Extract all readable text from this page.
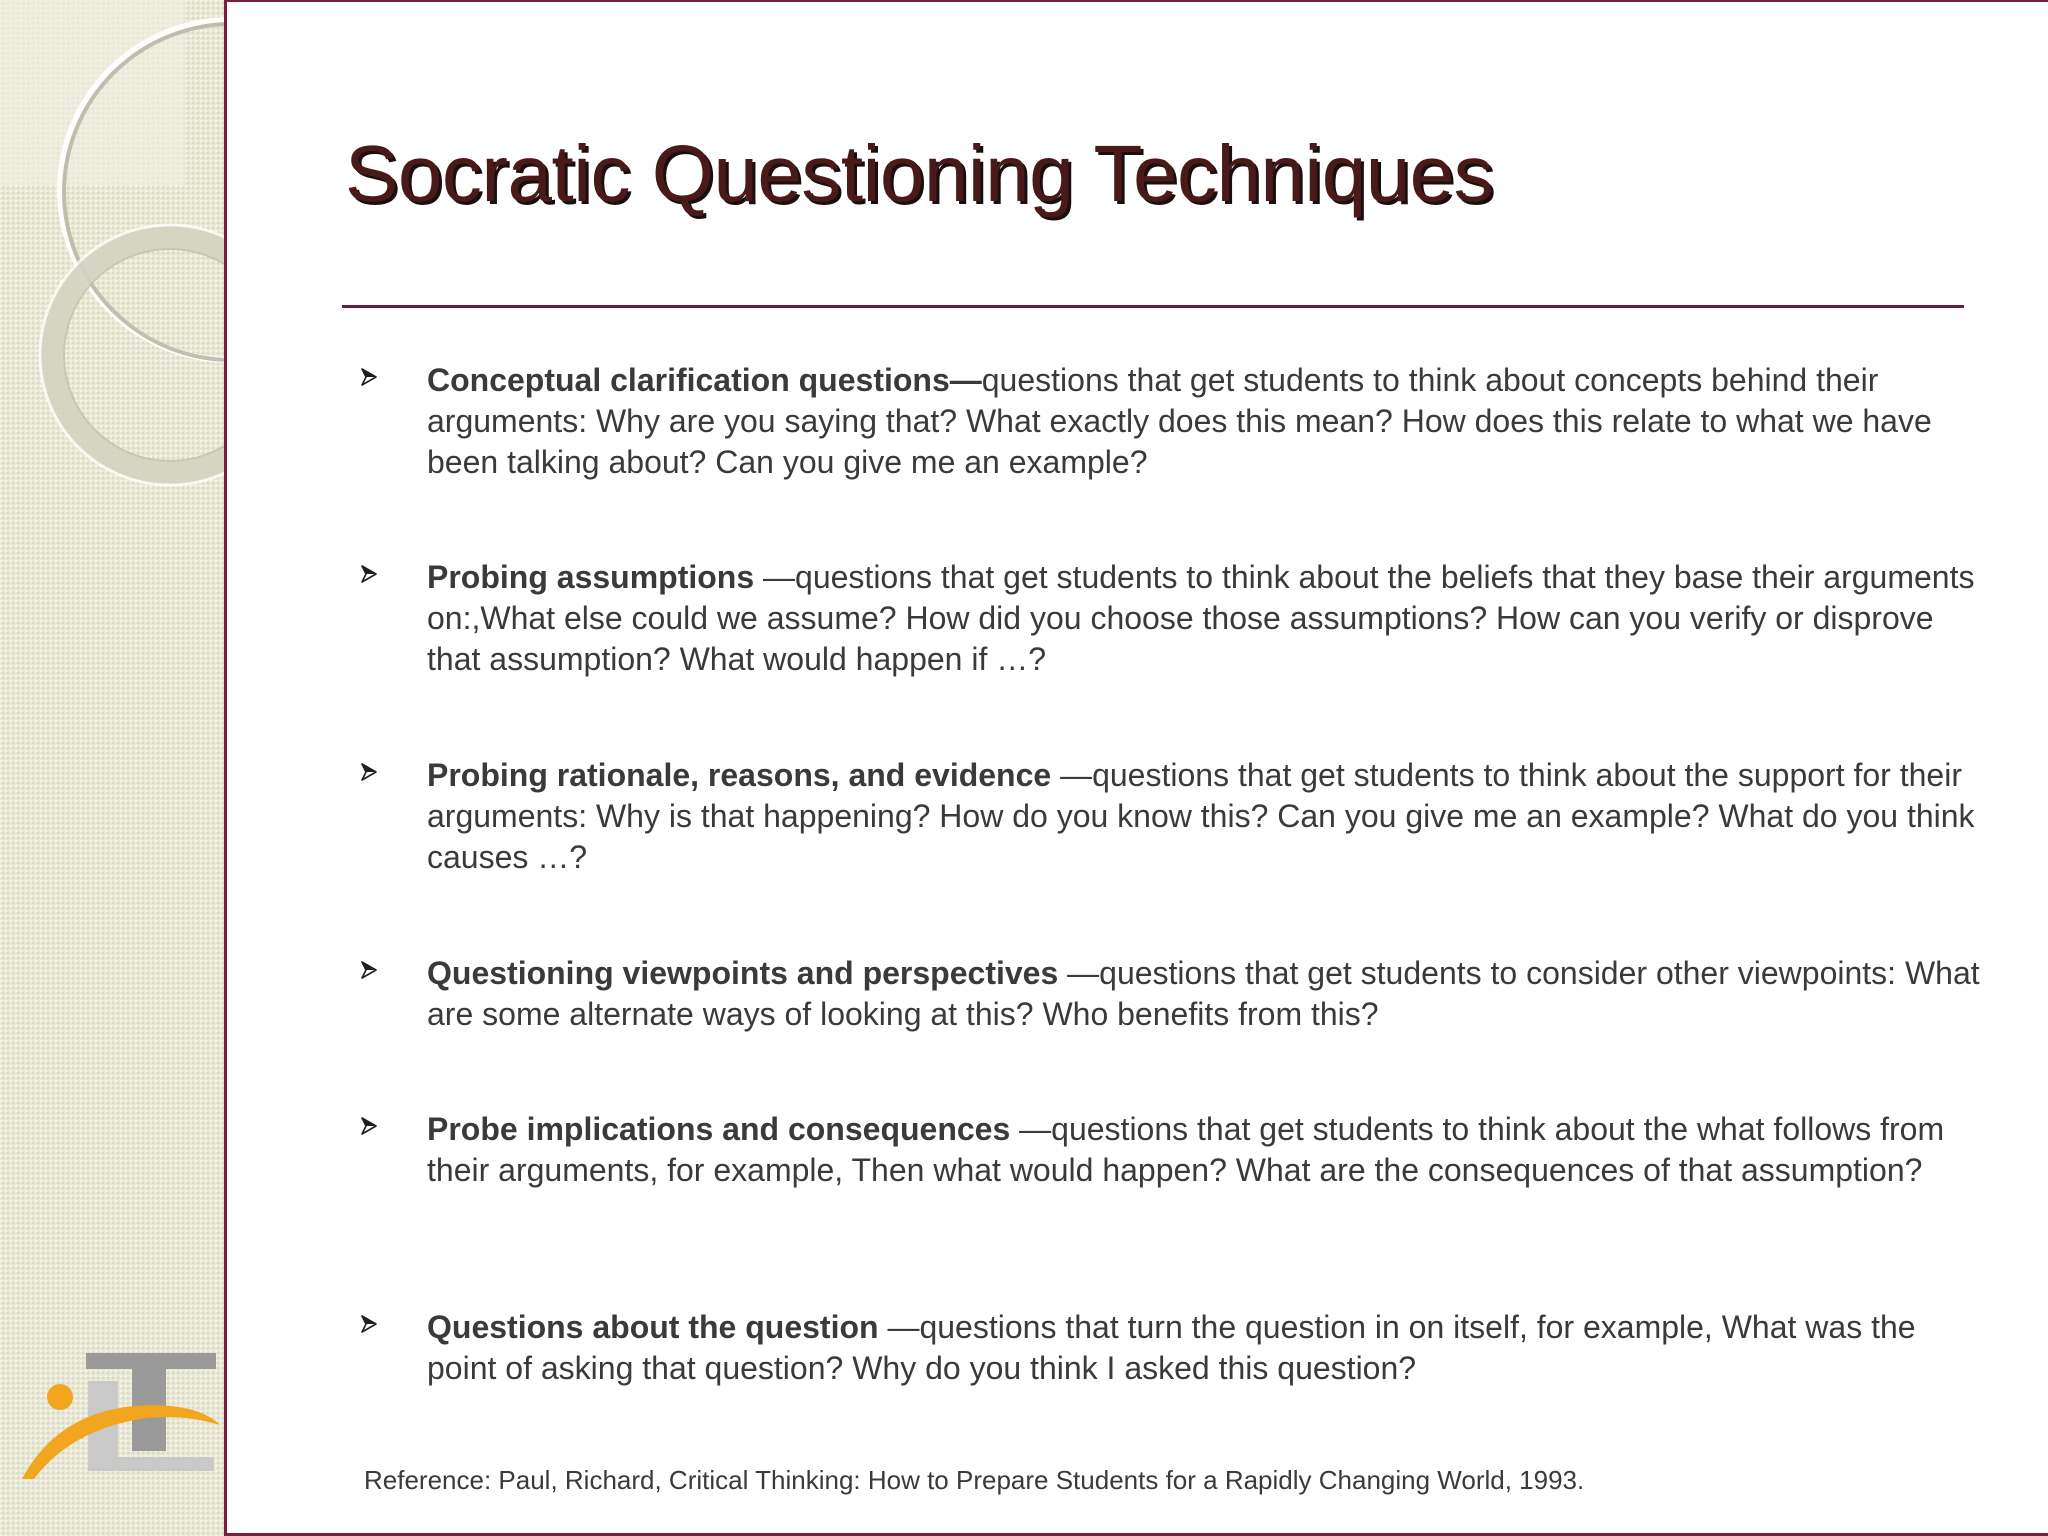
Socratic Questioning Techniques
Conceptual clarification questions—questions that get students to think about concepts behind their arguments: Why are you saying that? What exactly does this mean? How does this relate to what we have been talking about? Can you give me an example?
Probing assumptions —questions that get students to think about the beliefs that they base their arguments on:,What else could we assume? How did you choose those assumptions? How can you verify or disprove that assumption? What would happen if …?
Probing rationale, reasons, and evidence —questions that get students to think about the support for their arguments: Why is that happening? How do you know this? Can you give me an example? What do you think causes …?
Questioning viewpoints and perspectives —questions that get students to consider other viewpoints: What are some alternate ways of looking at this? Who benefits from this?
Probe implications and consequences —questions that get students to think about the what follows from their arguments, for example, Then what would happen? What are the consequences of that assumption?
Questions about the question —questions that turn the question in on itself, for example, What was the point of asking that question? Why do you think I asked this question?
Reference: Paul, Richard, Critical Thinking: How to Prepare Students for a Rapidly Changing World, 1993.
